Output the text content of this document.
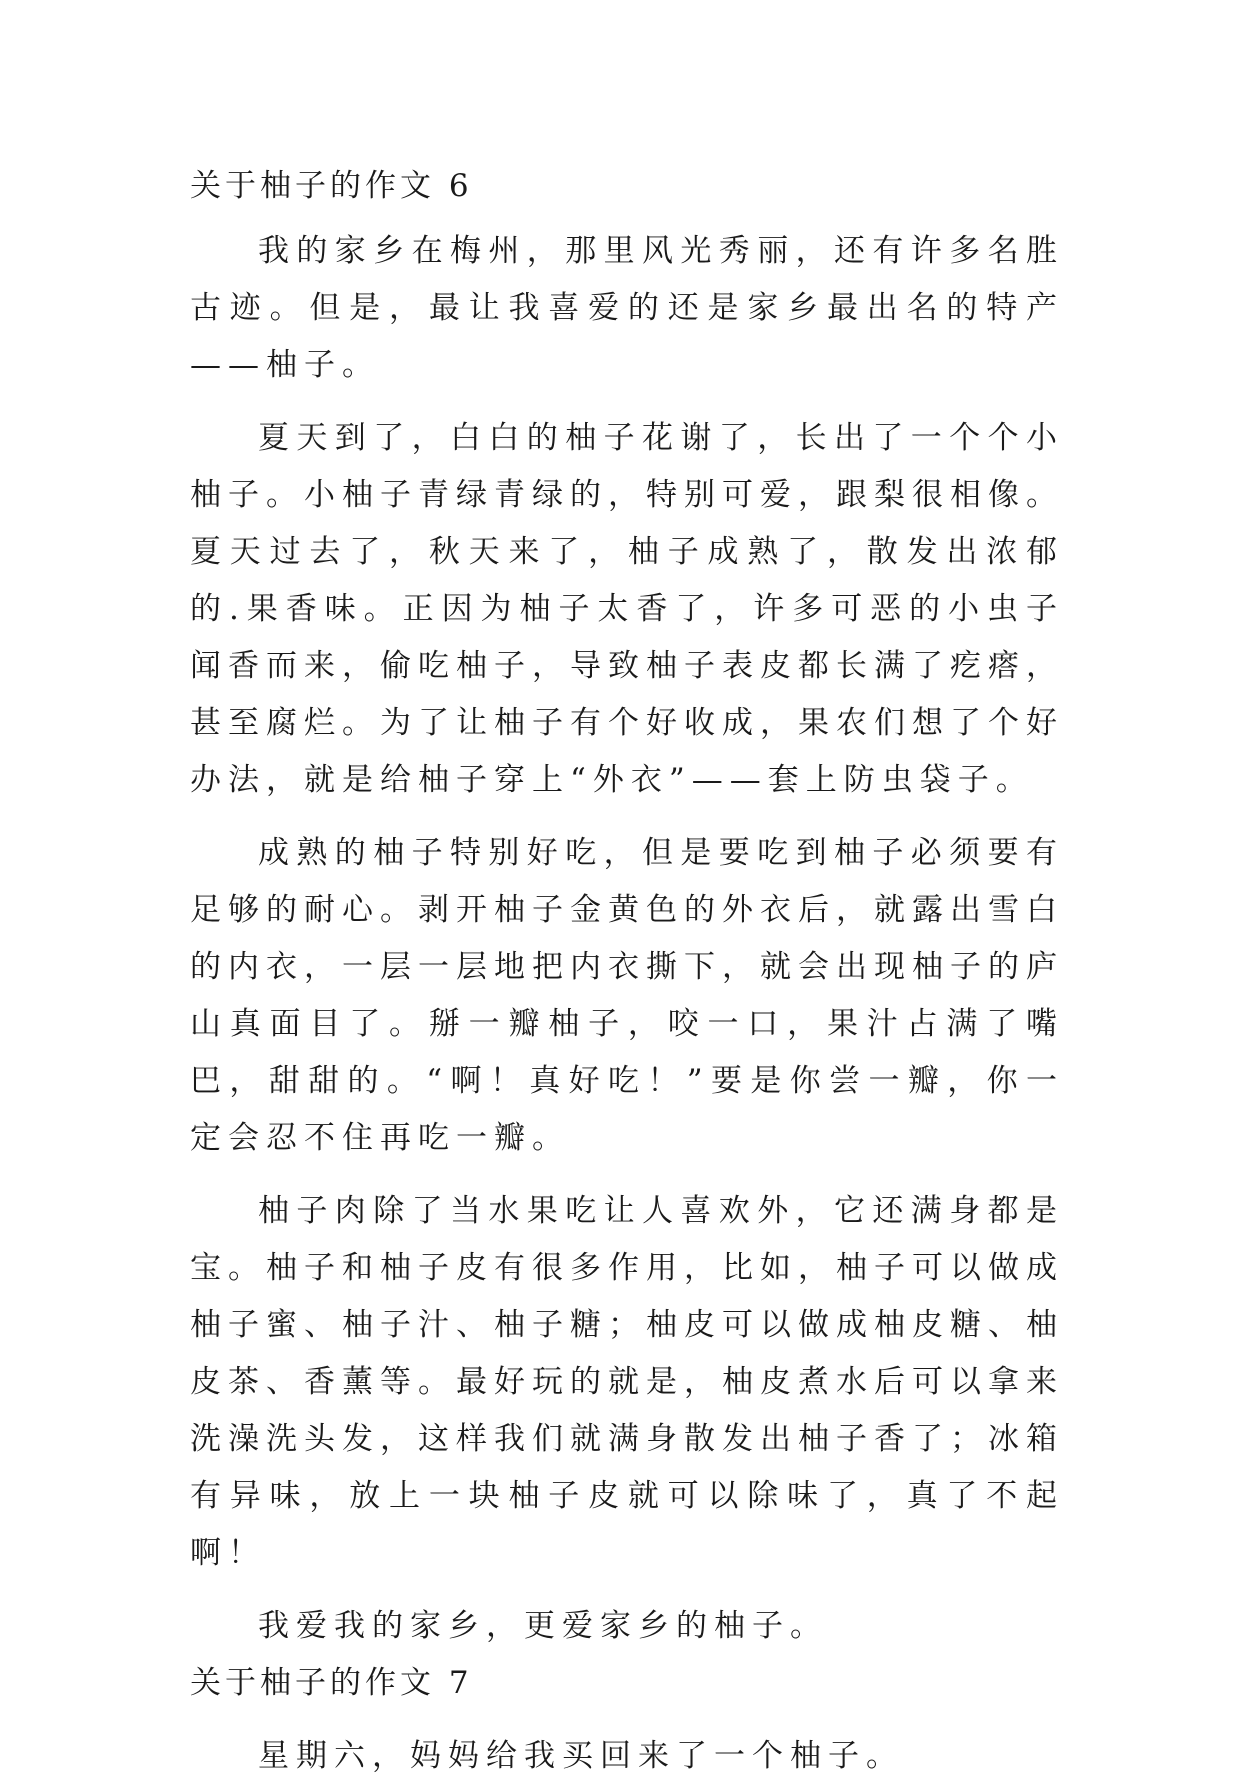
关于柚子的作文 6

我的家乡在梅州，那里风光秀丽，还有许多名胜古迹。但是，最让我喜爱的还是家乡最出名的特产——柚子。

夏天到了，白白的柚子花谢了，长出了一个个小柚子。小柚子青绿青绿的，特别可爱，跟梨很相像。夏天过去了，秋天来了，柚子成熟了，散发出浓郁的.果香味。正因为柚子太香了，许多可恶的小虫子闻香而来，偷吃柚子，导致柚子表皮都长满了疙瘩，甚至腐烂。为了让柚子有个好收成，果农们想了个好办法，就是给柚子穿上“外衣”——套上防虫袋子。

成熟的柚子特别好吃，但是要吃到柚子必须要有足够的耐心。剥开柚子金黄色的外衣后，就露出雪白的内衣，一层一层地把内衣撕下，就会出现柚子的庐山真面目了。掰一瓣柚子，咬一口，果汁占满了嘴巴，甜甜的。“啊！真好吃！”要是你尝一瓣，你一定会忍不住再吃一瓣。

柚子肉除了当水果吃让人喜欢外，它还满身都是宝。柚子和柚子皮有很多作用，比如，柚子可以做成柚子蜜、柚子汁、柚子糖；柚皮可以做成柚皮糖、柚皮茶、香薰等。最好玩的就是，柚皮煮水后可以拿来洗澡洗头发，这样我们就满身散发出柚子香了；冰箱有异味，放上一块柚子皮就可以除味了，真了不起啊！

我爱我的家乡，更爱家乡的柚子。

关于柚子的作文 7

星期六，妈妈给我买回来了一个柚子。
